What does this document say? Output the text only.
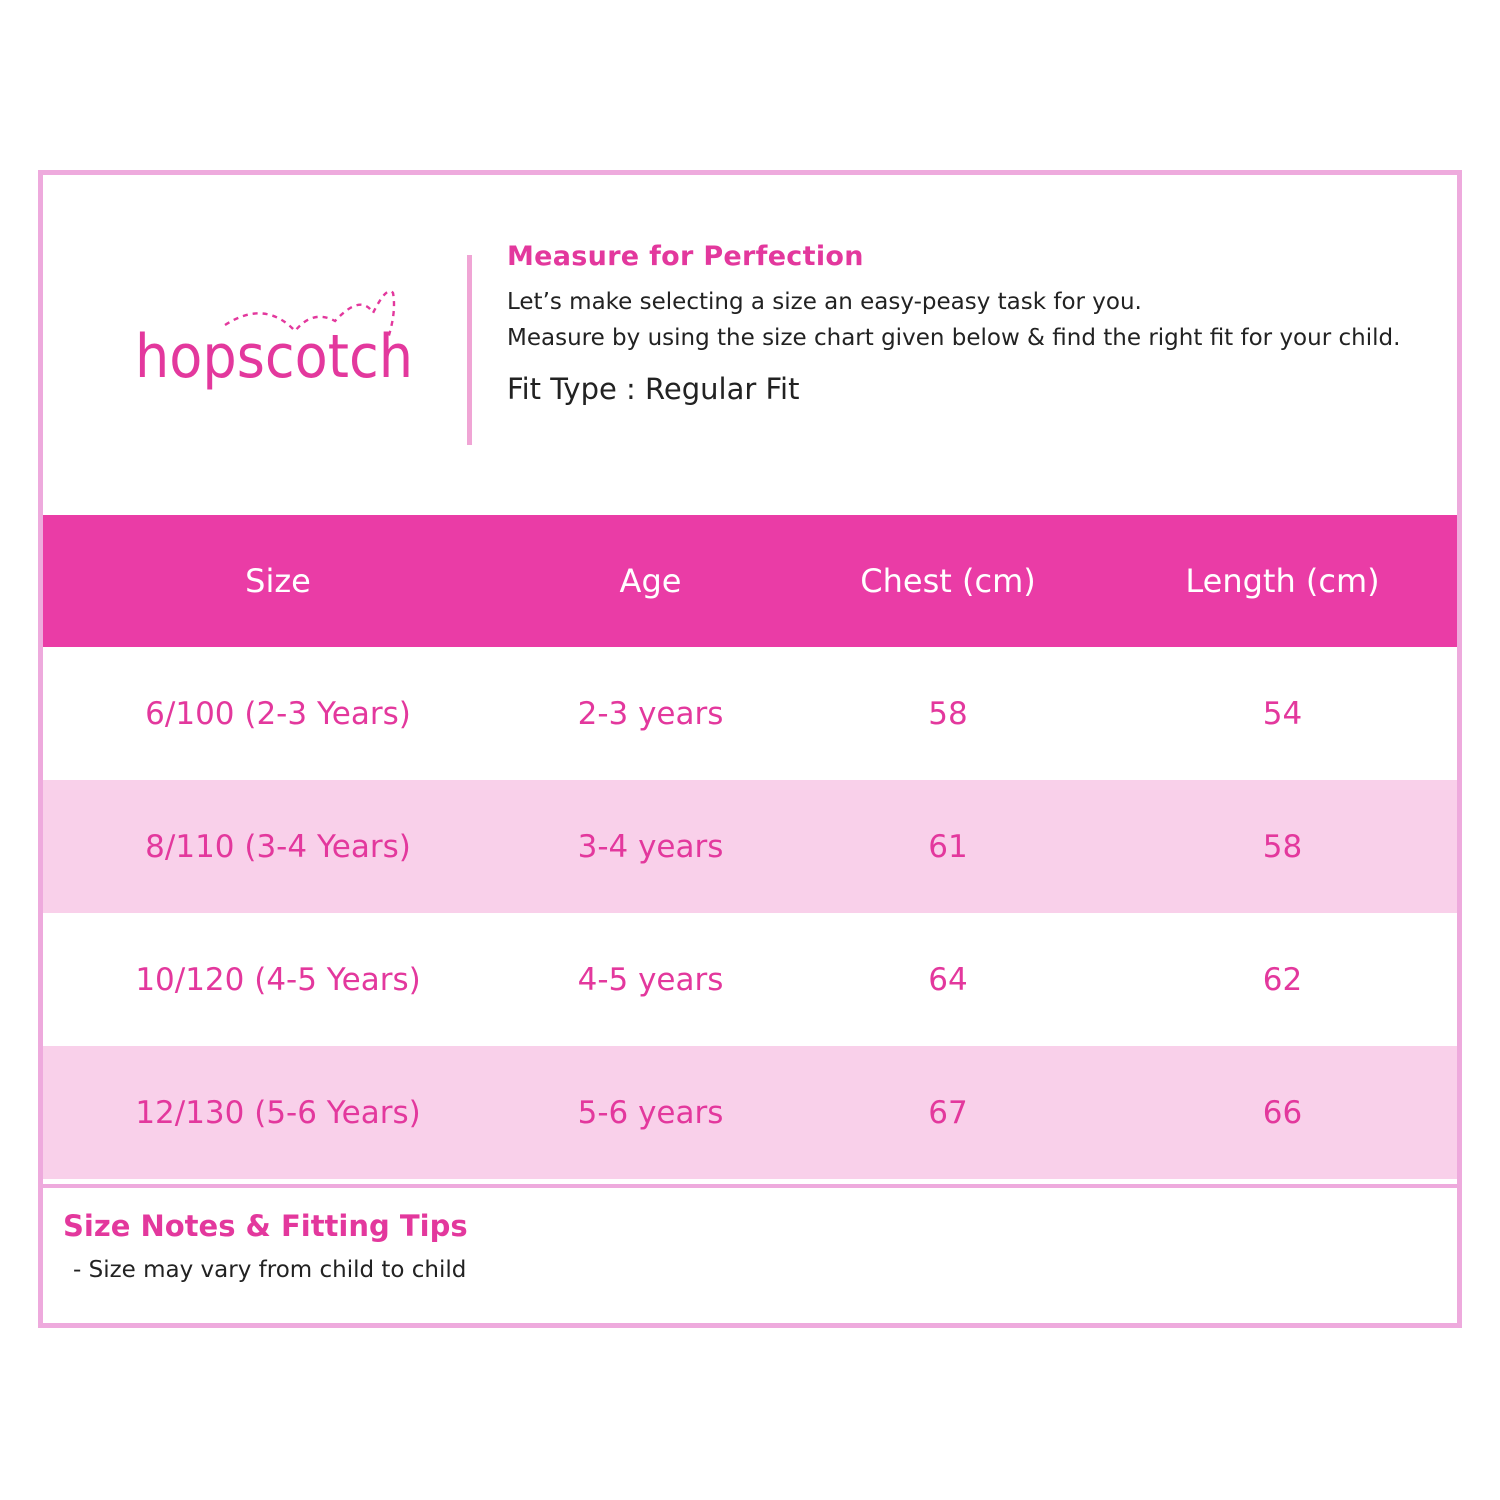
hopscotch
Measure for Perfection

Let’s make selecting a size an easy-peasy task for you.

Measure by using the size chart given below & find the right fit for your child.

Fit Type : Regular Fit
Size	Age	Chest (cm)	Length (cm)
6/100 (2-3 Years)	2-3 years	58	54
8/110 (3-4 Years)	3-4 years	61	58
10/120 (4-5 Years)	4-5 years	64	62
12/130 (5-6 Years)	5-6 years	67	66
Size Notes & Fitting Tips
- Size may vary from child to child
